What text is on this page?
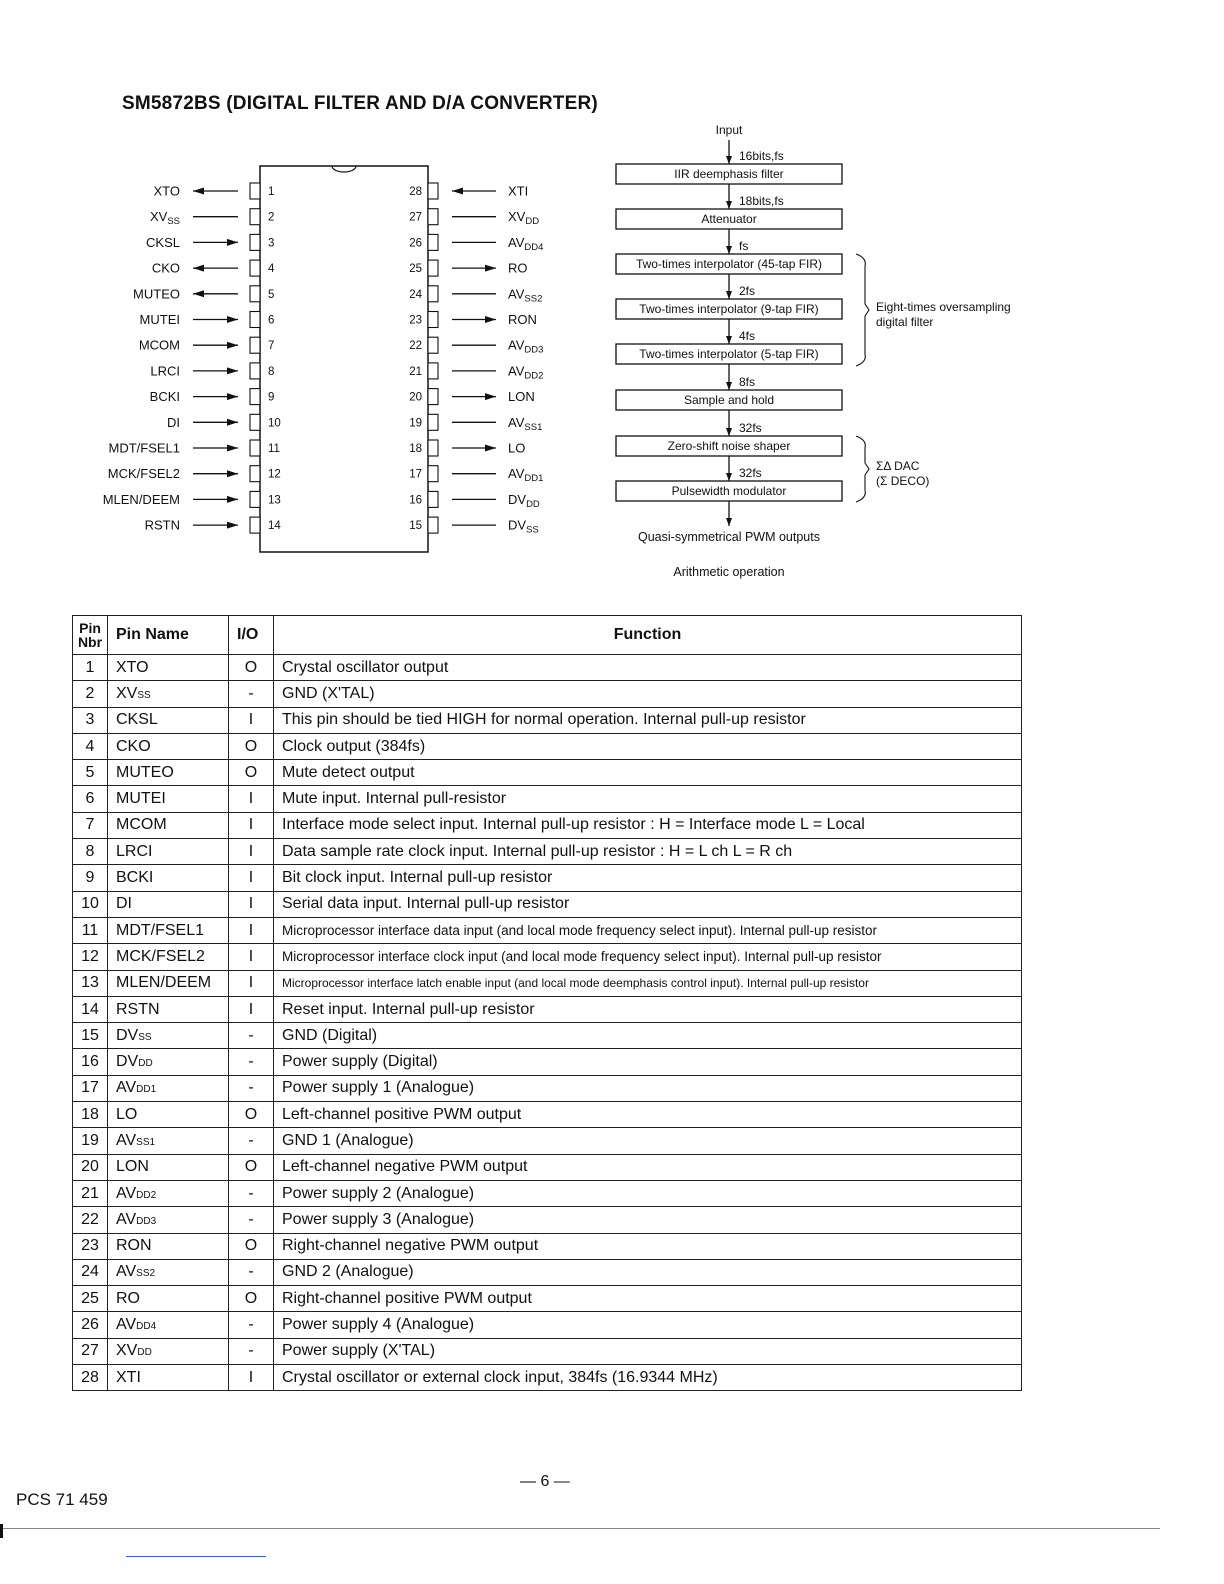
SM5872BS (DIGITAL FILTER AND D/A CONVERTER)
XTO	1
$XV_{SS}$	2
CKSL	3
CKO	4
MUTEO	5
MUTEI	6
MCOM	7
LRCI	8
BCKI	9
DI	10
MDT/FSEL1	11
MCK/FSEL2	12
MLEN/DEEM	13
RSTN	14
28	XTI
27	$XV_{DD}$
26	$AV_{DD4}$
25	RO
24	$AV_{SS2}$
23	RON
22	$AV_{DD3}$
21	$AV_{DD2}$
20	LON
19	$AV_{SS1}$
18	LO
17	$AV_{DD1}$
16	$DV_{DD}$
15	$DV_{SS}$
Input
IIR deemphasis filter
16bits,fs
Attenuator
18bits,fs
Two-times interpolator (45-tap FIR)
fs
Two-times interpolator (9-tap FIR)
2fs
Two-times interpolator (5-tap FIR)
4fs
Sample and hold
8fs
Zero-shift noise shaper
32fs
Pulsewidth modulator
32fs
Eight-times oversampling
digital filter
ΣΔ DAC
(Σ DECO)
Quasi-symmetrical PWM outputs
Arithmetic operation
Pin
Nbr	Pin Name	I/O	Function
1	XTO	O	Crystal oscillator output
2	XVSS	-	GND (X'TAL)
3	CKSL	I	This pin should be tied HIGH for normal operation. Internal pull-up resistor
4	CKO	O	Clock output (384fs)
5	MUTEO	O	Mute detect output
6	MUTEI	I	Mute input. Internal pull-resistor
7	MCOM	I	Interface mode select input. Internal pull-up resistor : H = Interface mode L = Local
8	LRCI	I	Data sample rate clock input. Internal pull-up resistor : H = L ch L = R ch
9	BCKI	I	Bit clock input. Internal pull-up resistor
10	DI	I	Serial data input. Internal pull-up resistor
11	MDT/FSEL1	I	Microprocessor interface data input (and local mode frequency select input). Internal pull-up resistor
12	MCK/FSEL2	I	Microprocessor interface clock input (and local mode frequency select input). Internal pull-up resistor
13	MLEN/DEEM	I	Microprocessor interface latch enable input (and local mode deemphasis control input). Internal pull-up resistor
14	RSTN	I	Reset input. Internal pull-up resistor
15	DVSS	-	GND (Digital)
16	DVDD	-	Power supply (Digital)
17	AVDD1	-	Power supply 1 (Analogue)
18	LO	O	Left-channel positive PWM output
19	AVSS1	-	GND 1 (Analogue)
20	LON	O	Left-channel negative PWM output
21	AVDD2	-	Power supply 2 (Analogue)
22	AVDD3	-	Power supply 3 (Analogue)
23	RON	O	Right-channel negative PWM output
24	AVSS2	-	GND 2 (Analogue)
25	RO	O	Right-channel positive PWM output
26	AVDD4	-	Power supply 4 (Analogue)
27	XVDD	-	Power supply (X'TAL)
28	XTI	I	Crystal oscillator or external clock input, 384fs (16.9344 MHz)
— 6 —
PCS 71 459
